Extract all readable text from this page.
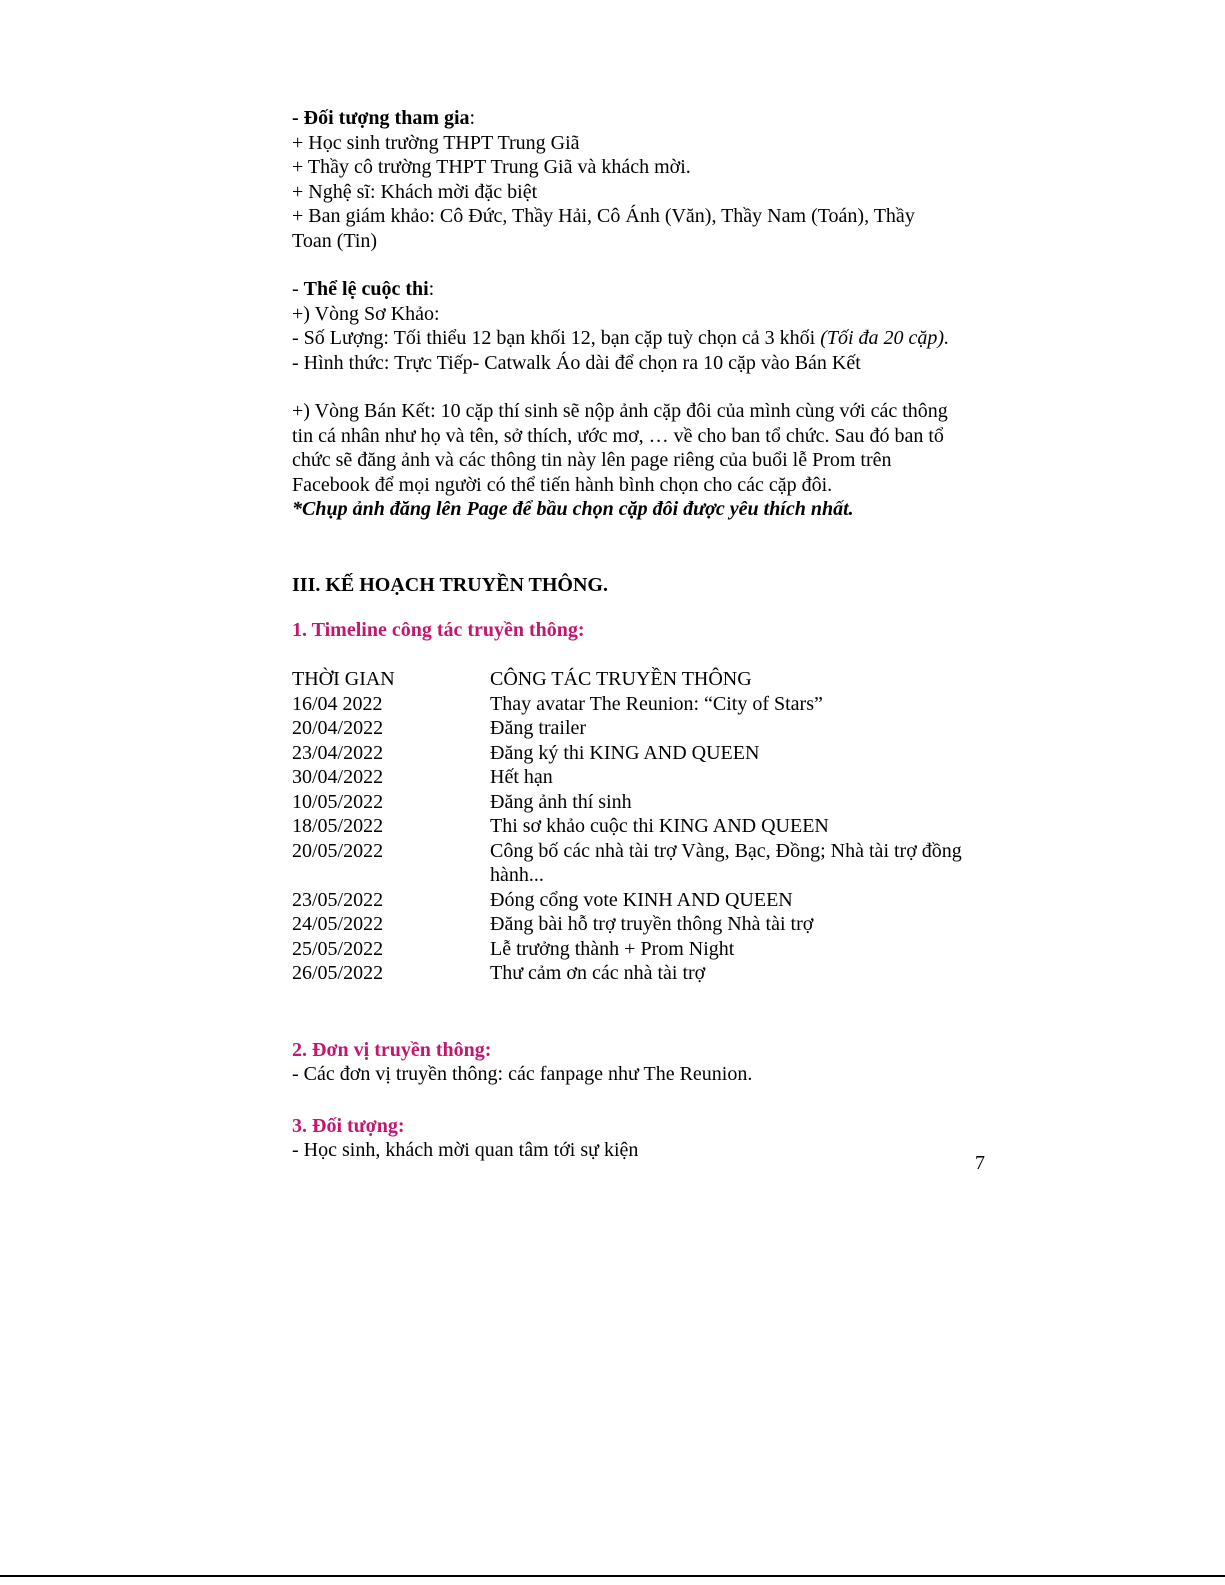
- Đối tượng tham gia:
+ Học sinh trường THPT Trung Giã
+ Thầy cô trường THPT Trung Giã và khách mời.
+ Nghệ sĩ: Khách mời đặc biệt
+ Ban giám khảo: Cô Đức, Thầy Hải, Cô Ánh (Văn), Thầy Nam (Toán), Thầy
Toan (Tin)
- Thể lệ cuộc thi:
+) Vòng Sơ Khảo:
- Số Lượng: Tối thiểu 12 bạn khối 12, bạn cặp tuỳ chọn cả 3 khối (Tối đa 20 cặp).
- Hình thức: Trực Tiếp- Catwalk Áo dài để chọn ra 10 cặp vào Bán Kết
+) Vòng Bán Kết: 10 cặp thí sinh sẽ nộp ảnh cặp đôi của mình cùng với các thông
tin cá nhân như họ và tên, sở thích, ước mơ, … về cho ban tổ chức. Sau đó ban tổ
chức sẽ đăng ảnh và các thông tin này lên page riêng của buổi lễ Prom trên
Facebook để mọi người có thể tiến hành bình chọn cho các cặp đôi.
*Chụp ảnh đăng lên Page để bầu chọn cặp đôi được yêu thích nhất.
III. KẾ HOẠCH TRUYỀN THÔNG.
1. Timeline công tác truyền thông:
THỜI GIAN	CÔNG TÁC TRUYỀN THÔNG
16/04 2022	Thay avatar The Reunion: “City of Stars”
20/04/2022	Đăng trailer
23/04/2022	Đăng ký thi KING AND QUEEN
30/04/2022	Hết hạn
10/05/2022	Đăng ảnh thí sinh
18/05/2022	Thi sơ khảo cuộc thi KING AND QUEEN
20/05/2022	Công bố các nhà tài trợ Vàng, Bạc, Đồng; Nhà tài trợ đồng hành...
23/05/2022	Đóng cổng vote KINH AND QUEEN
24/05/2022	Đăng bài hỗ trợ truyền thông Nhà tài trợ
25/05/2022	Lễ trưởng thành + Prom Night
26/05/2022	Thư cảm ơn các nhà tài trợ
2. Đơn vị truyền thông:
- Các đơn vị truyền thông: các fanpage như The Reunion.
3. Đối tượng:
- Học sinh, khách mời quan tâm tới sự kiện
7
